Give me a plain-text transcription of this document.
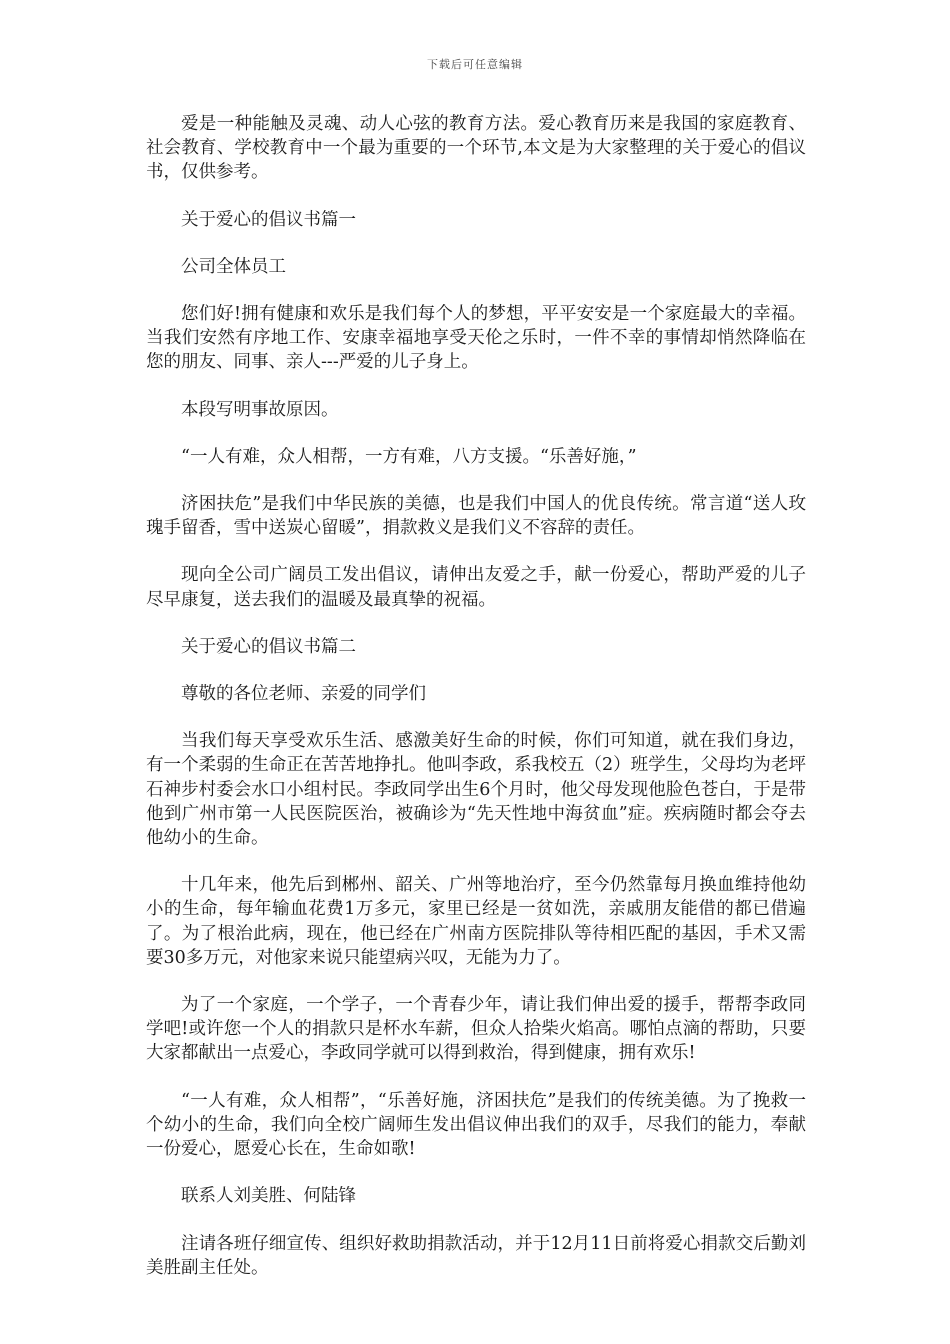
下载后可任意编辑

爱是一种能触及灵魂、动人心弦的教育方法。爱心教育历来是我国的家庭教育、社会教育、学校教育中一个最为重要的一个环节,本文是为大家整理的关于爱心的倡议书，仅供参考。

关于爱心的倡议书篇一

公司全体员工

您们好!拥有健康和欢乐是我们每个人的梦想，平平安安是一个家庭最大的幸福。当我们安然有序地工作、安康幸福地享受天伦之乐时，一件不幸的事情却悄然降临在您的朋友、同事、亲人---严爱的儿子身上。

本段写明事故原因。

“一人有难，众人相帮，一方有难，八方支援。“乐善好施，”

济困扶危”是我们中华民族的美德，也是我们中国人的优良传统。常言道“送人玫瑰手留香，雪中送炭心留暖”，捐款救义是我们义不容辞的责任。

现向全公司广阔员工发出倡议，请伸出友爱之手，献一份爱心，帮助严爱的儿子尽早康复，送去我们的温暖及最真挚的祝福。

关于爱心的倡议书篇二

尊敬的各位老师、亲爱的同学们

当我们每天享受欢乐生活、感激美好生命的时候，你们可知道，就在我们身边，有一个柔弱的生命正在苦苦地挣扎。他叫李政，系我校五（2）班学生，父母均为老坪石神步村委会水口小组村民。李政同学出生6个月时，他父母发现他脸色苍白，于是带他到广州市第一人民医院医治，被确诊为“先天性地中海贫血”症。疾病随时都会夺去他幼小的生命。

十几年来，他先后到郴州、韶关、广州等地治疗，至今仍然靠每月换血维持他幼小的生命，每年输血花费1万多元，家里已经是一贫如洗，亲戚朋友能借的都已借遍了。为了根治此病，现在，他已经在广州南方医院排队等待相匹配的基因，手术又需要30多万元，对他家来说只能望病兴叹，无能为力了。

为了一个家庭，一个学子，一个青春少年，请让我们伸出爱的援手，帮帮李政同学吧!或许您一个人的捐款只是杯水车薪，但众人拾柴火焰高。哪怕点滴的帮助，只要大家都献出一点爱心，李政同学就可以得到救治，得到健康，拥有欢乐!

“一人有难，众人相帮”，“乐善好施，济困扶危”是我们的传统美德。为了挽救一个幼小的生命，我们向全校广阔师生发出倡议伸出我们的双手，尽我们的能力，奉献一份爱心，愿爱心长在，生命如歌!

联系人刘美胜、何陆锋

注请各班仔细宣传、组织好救助捐款活动，并于12月11日前将爱心捐款交后勤刘美胜副主任处。
